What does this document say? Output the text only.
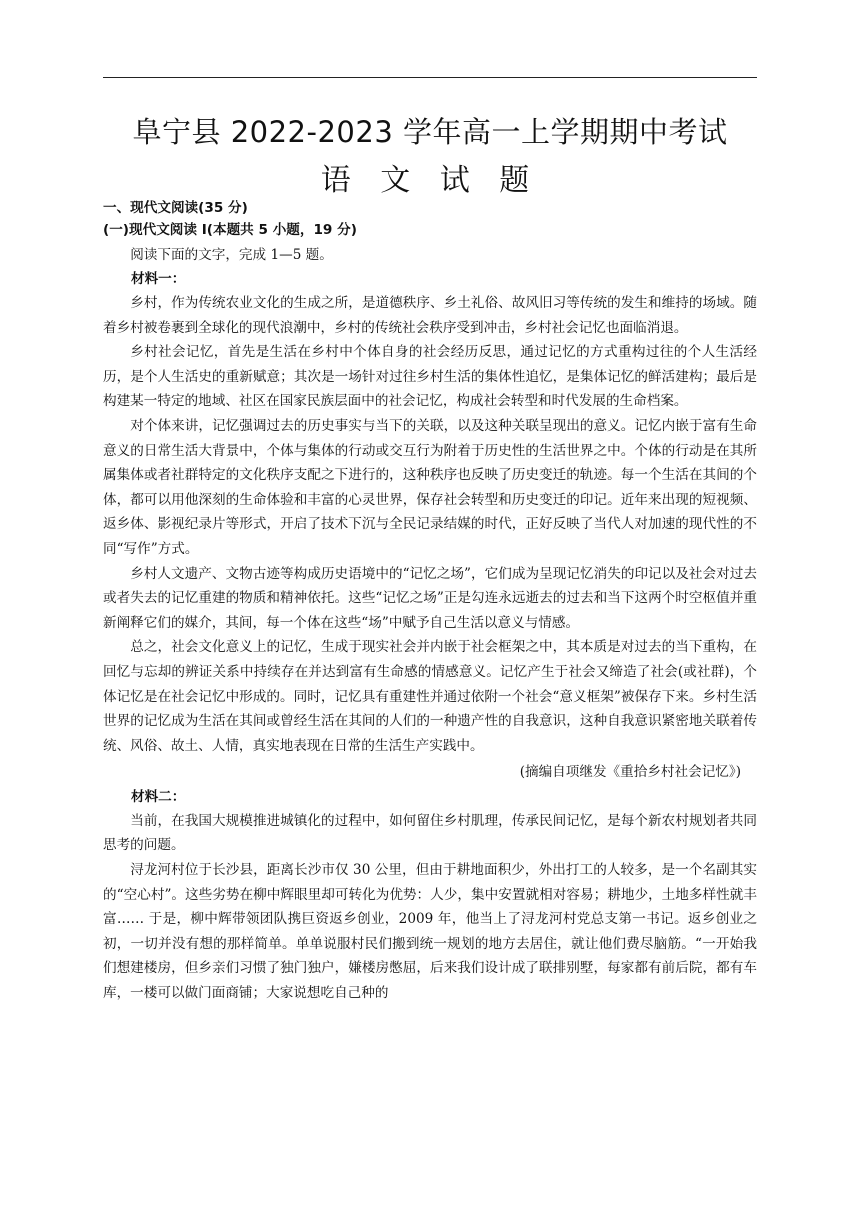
阜宁县 2022-2023 学年高一上学期期中考试
语 文 试 题

一、现代文阅读(35 分)

(一)现代文阅读 I(本题共 5 小题，19 分)

阅读下面的文字，完成 1—5 题。

材料一：

乡村，作为传统农业文化的生成之所，是道德秩序、乡土礼俗、故风旧习等传统的发生和维持的场域。随着乡村被卷裹到全球化的现代浪潮中，乡村的传统社会秩序受到冲击，乡村社会记忆也面临消退。

乡村社会记忆，首先是生活在乡村中个体自身的社会经历反思，通过记忆的方式重构过往的个人生活经历，是个人生活史的重新赋意；其次是一场针对过往乡村生活的集体性追忆，是集体记忆的鲜活建构；最后是构建某一特定的地域、社区在国家民族层面中的社会记忆，构成社会转型和时代发展的生命档案。

对个体来讲，记忆强调过去的历史事实与当下的关联，以及这种关联呈现出的意义。记忆内嵌于富有生命意义的日常生活大背景中，个体与集体的行动或交互行为附着于历史性的生活世界之中。个体的行动是在其所属集体或者社群特定的文化秩序支配之下进行的，这种秩序也反映了历史变迁的轨迹。每一个生活在其间的个体，都可以用他深刻的生命体验和丰富的心灵世界，保存社会转型和历史变迁的印记。近年来出现的短视频、返乡体、影视纪录片等形式，开启了技术下沉与全民记录结媒的时代，正好反映了当代人对加速的现代性的不同“写作”方式。

乡村人文遗产、文物古迹等构成历史语境中的“记忆之场”，它们成为呈现记忆消失的印记以及社会对过去或者失去的记忆重建的物质和精神依托。这些“记忆之场”正是勾连永远逝去的过去和当下这两个时空枢值并重新阐释它们的媒介，其间，每一个体在这些“场”中赋予自己生活以意义与情感。

总之，社会文化意义上的记忆，生成于现实社会并内嵌于社会框架之中，其本质是对过去的当下重构，在回忆与忘却的辨证关系中持续存在并达到富有生命感的情感意义。记忆产生于社会又缔造了社会(或社群)，个体记忆是在社会记忆中形成的。同时，记忆具有重建性并通过依附一个社会“意义框架”被保存下来。乡村生活世界的记忆成为生活在其间或曾经生活在其间的人们的一种遗产性的自我意识，这种自我意识紧密地关联着传统、风俗、故土、人情，真实地表现在日常的生活生产实践中。

(摘编自项继发《重拾乡村社会记忆》)

材料二：

当前，在我国大规模推进城镇化的过程中，如何留住乡村肌理，传承民间记忆，是每个新农村规划者共同思考的问题。

浔龙河村位于长沙县，距离长沙市仅 30 公里，但由于耕地面积少，外出打工的人较多，是一个名副其实的“空心村”。这些劣势在柳中辉眼里却可转化为优势：人少，集中安置就相对容易；耕地少，土地多样性就丰富…… 于是，柳中辉带领团队携巨资返乡创业，2009 年，他当上了浔龙河村党总支第一书记。返乡创业之初，一切并没有想的那样简单。单单说服村民们搬到统一规划的地方去居住，就让他们费尽脑筋。“一开始我们想建楼房，但乡亲们习惯了独门独户，嫌楼房憋屈，后来我们设计成了联排别墅，每家都有前后院，都有车库，一楼可以做门面商铺；大家说想吃自己种的
